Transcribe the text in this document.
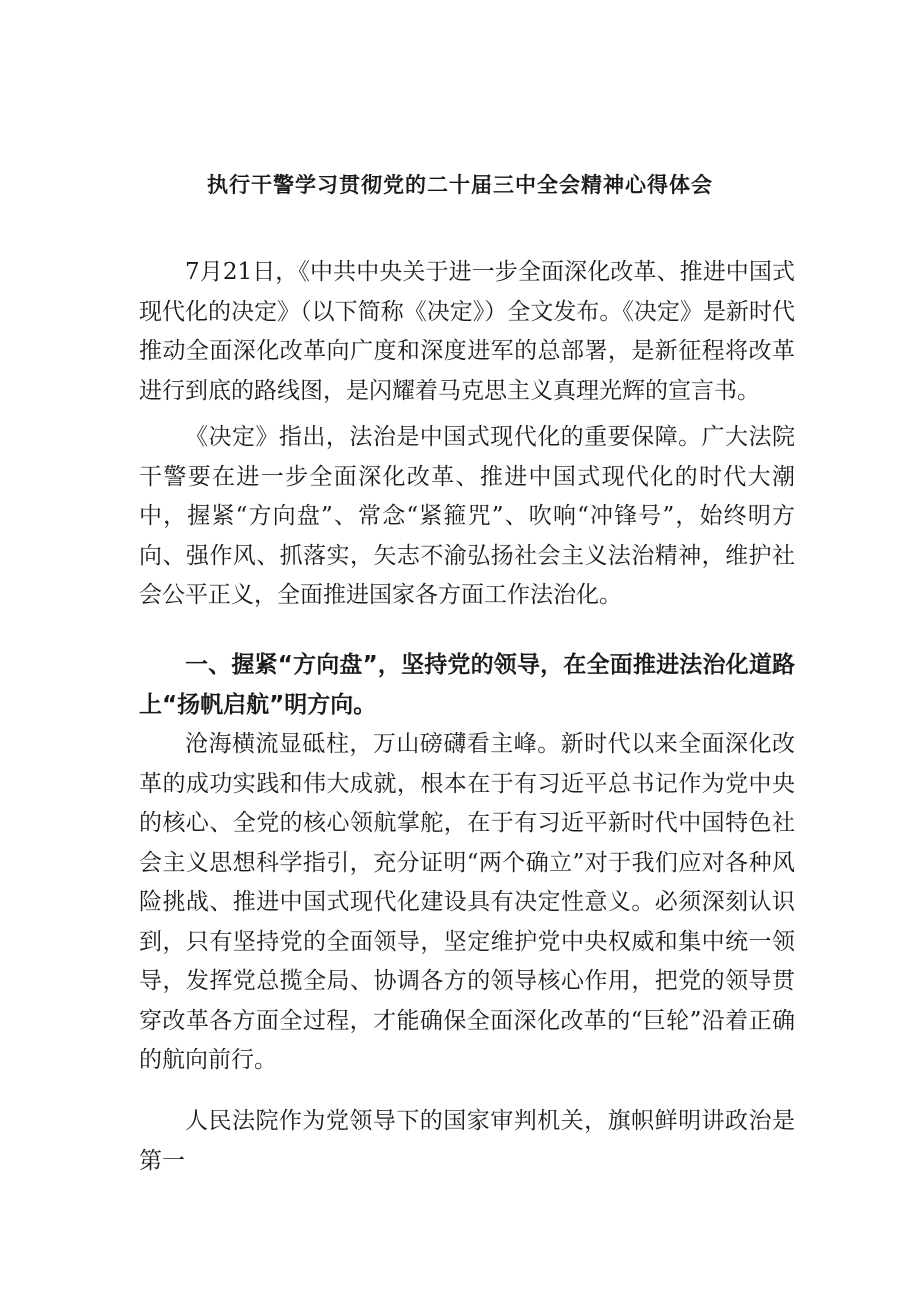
执行干警学习贯彻党的二十届三中全会精神心得体会

7月21日，《中共中央关于进一步全面深化改革、推进中国式现代化的决定》（以下简称《决定》）全文发布。《决定》是新时代推动全面深化改革向广度和深度进军的总部署，是新征程将改革进行到底的路线图，是闪耀着马克思主义真理光辉的宣言书。

《决定》指出，法治是中国式现代化的重要保障。广大法院干警要在进一步全面深化改革、推进中国式现代化的时代大潮中，握紧“方向盘”、常念“紧箍咒”、吹响“冲锋号”，始终明方向、强作风、抓落实，矢志不渝弘扬社会主义法治精神，维护社会公平正义，全面推进国家各方面工作法治化。

一、握紧“方向盘”，坚持党的领导，在全面推进法治化道路上“扬帆启航”明方向。

沧海横流显砥柱，万山磅礴看主峰。新时代以来全面深化改革的成功实践和伟大成就，根本在于有习近平总书记作为党中央的核心、全党的核心领航掌舵，在于有习近平新时代中国特色社会主义思想科学指引，充分证明“两个确立”对于我们应对各种风险挑战、推进中国式现代化建设具有决定性意义。必须深刻认识到，只有坚持党的全面领导，坚定维护党中央权威和集中统一领导，发挥党总揽全局、协调各方的领导核心作用，把党的领导贯穿改革各方面全过程，才能确保全面深化改革的“巨轮”沿着正确的航向前行。

人民法院作为党领导下的国家审判机关，旗帜鲜明讲政治是第一
